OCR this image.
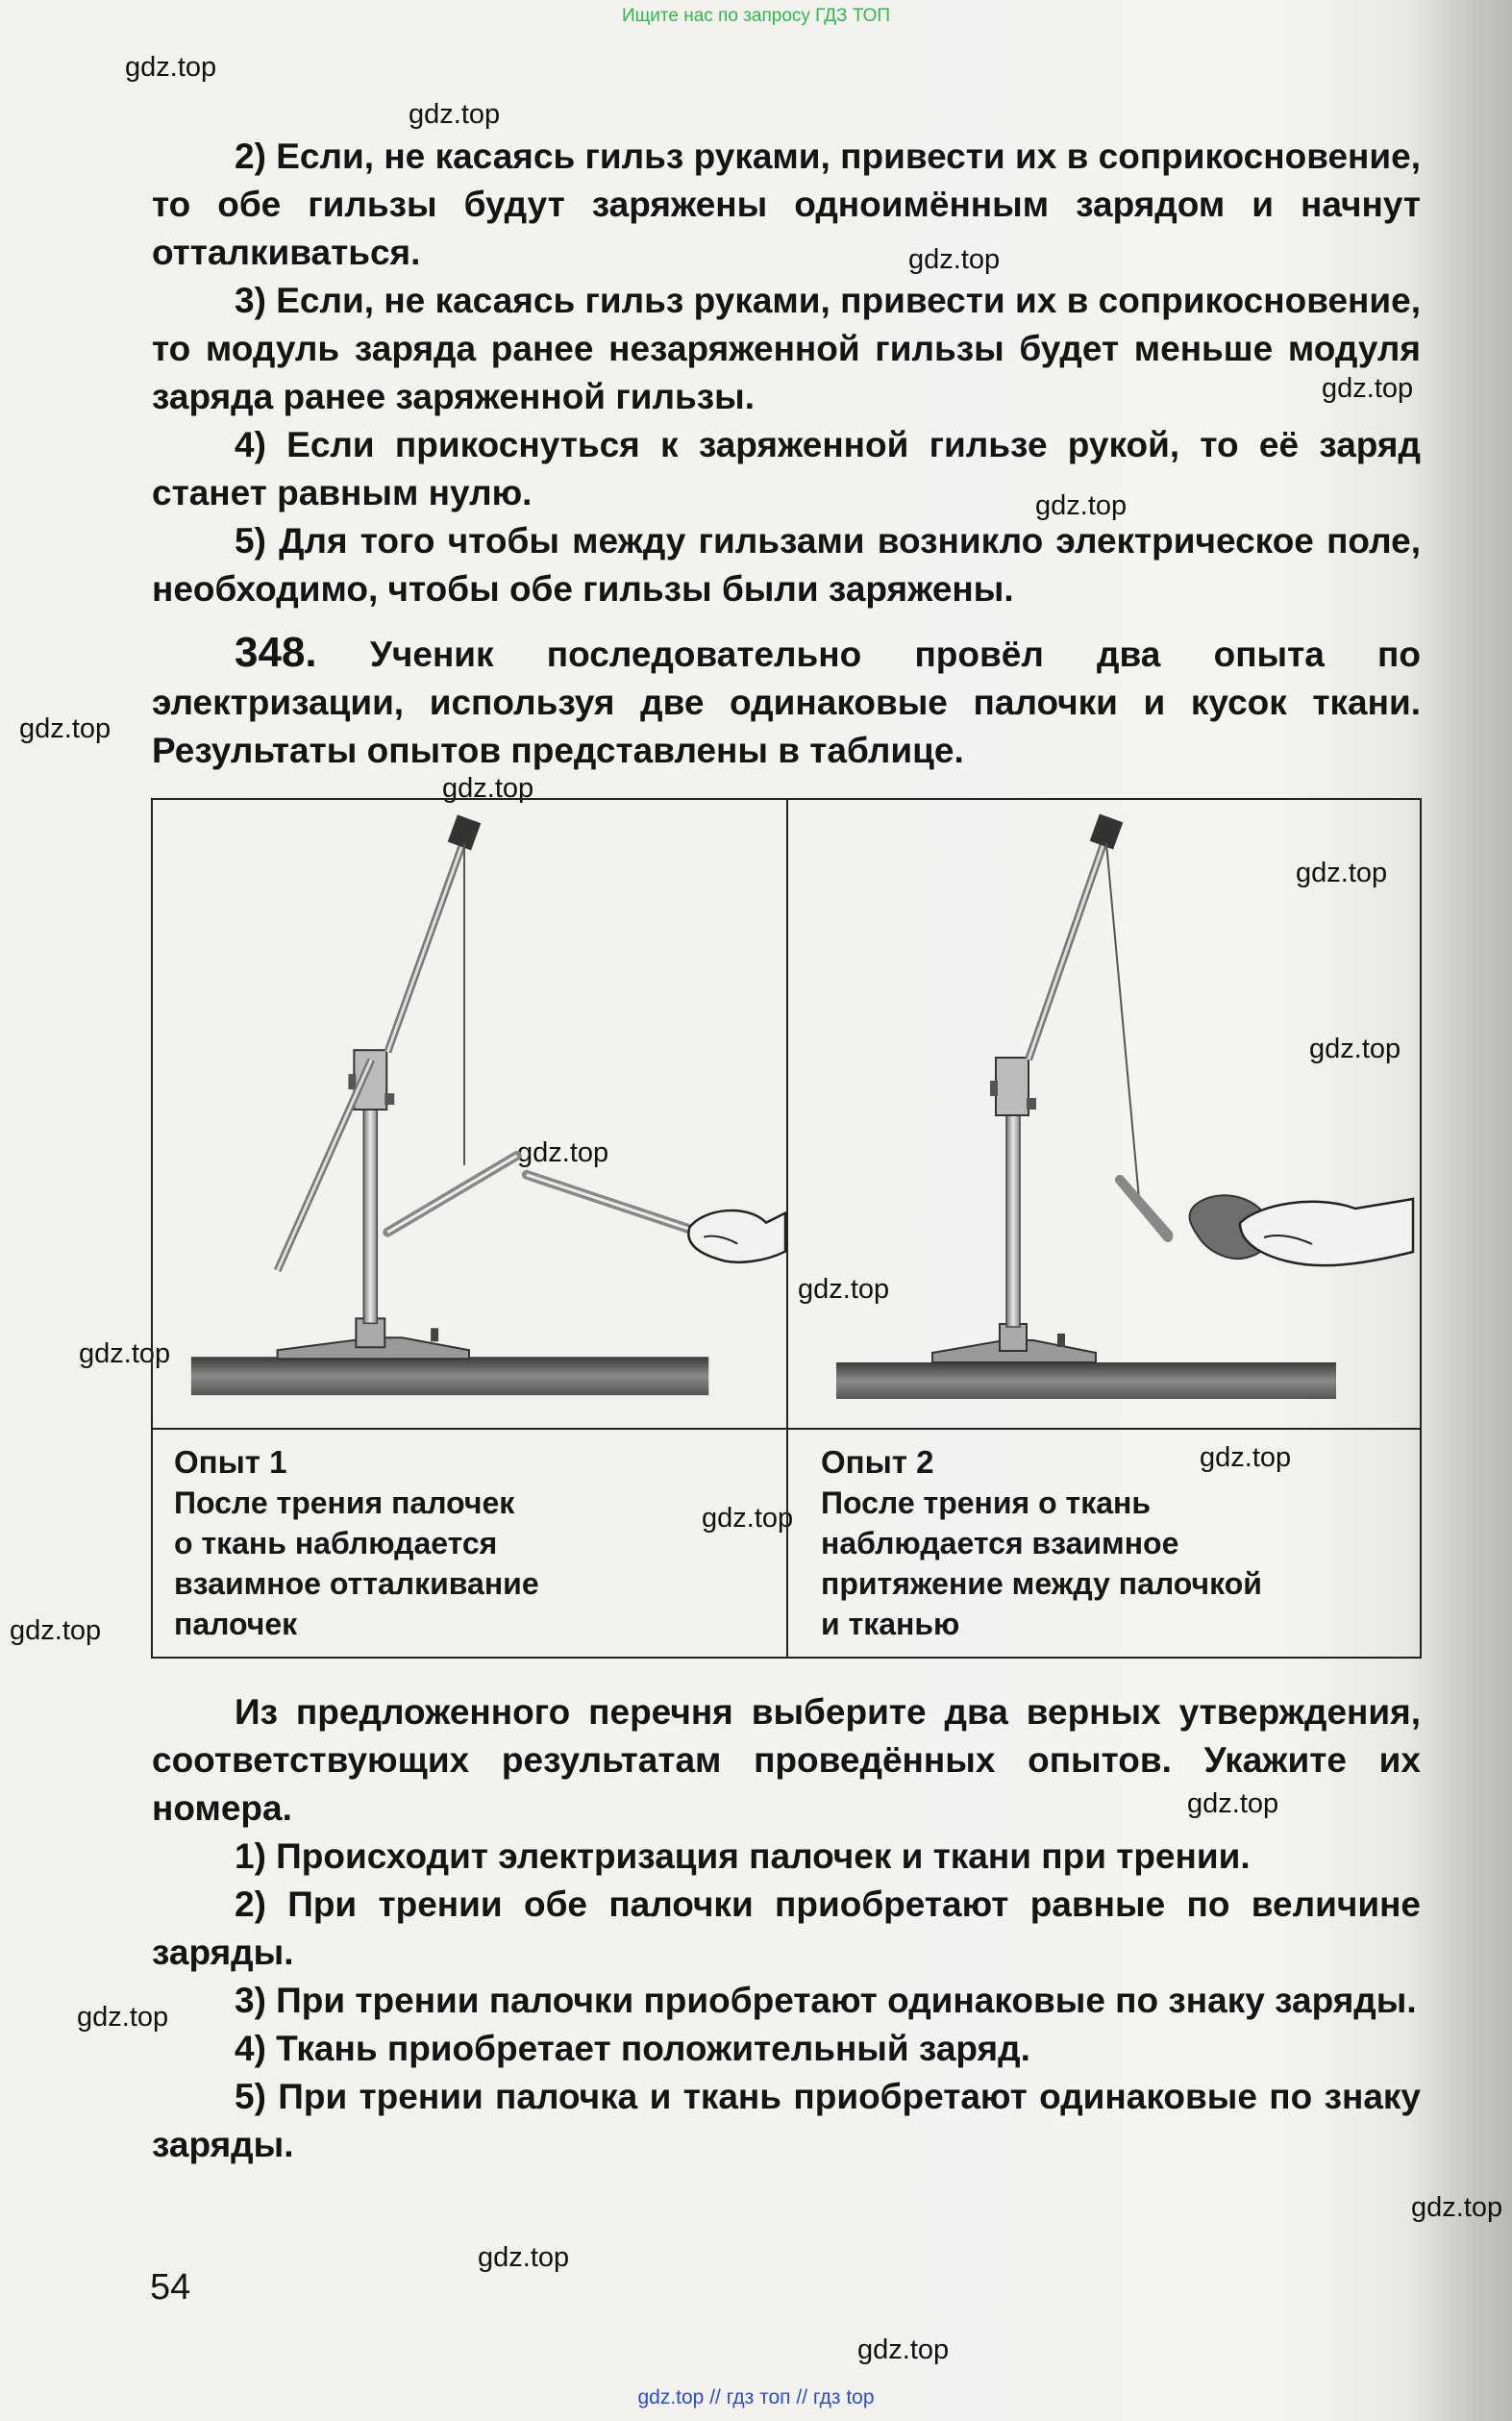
Ищите нас по запросу ГДЗ ТОП
gdz.top
gdz.top
gdz.top
gdz.top
gdz.top
gdz.top
gdz.top
gdz.top
gdz.top
gdz.top
gdz.top
gdz.top
gdz.top
gdz.top
gdz.top
gdz.top
gdz.top
gdz.top
gdz.top
gdz.top

2) Если, не касаясь гильз руками, привести их в соприкосновение, то обе гильзы будут заряжены одноимённым зарядом и начнут отталкиваться.

3) Если, не касаясь гильз руками, привести их в соприкосновение, то модуль заряда ранее незаряженной гильзы будет меньше модуля заряда ранее заряженной гильзы.

4) Если прикоснуться к заряженной гильзе рукой, то её заряд станет равным нулю.

5) Для того чтобы между гильзами возникло электрическое поле, необходимо, чтобы обе гильзы были заряжены.

348. Ученик последовательно провёл два опыта по электризации, используя две одинаковые палочки и кусок ткани. Результаты опытов представлены в таблице.

Опыт 1
После трения палочек
о ткань наблюдается
взаимное отталкивание
палочек
Опыт 2
После трения о ткань
наблюдается взаимное
притяжение между палочкой
и тканью

Из предложенного перечня выберите два верных утверждения, соответствующих результатам проведённых опытов. Укажите их номера.

1) Происходит электризация палочек и ткани при трении.

2) При трении обе палочки приобретают равные по величине заряды.

3) При трении палочки приобретают одинаковые по знаку заряды.

4) Ткань приобретает положительный заряд.

5) При трении палочка и ткань приобретают одинаковые по знаку заряды.

54
gdz.top // гдз топ // гдз top
